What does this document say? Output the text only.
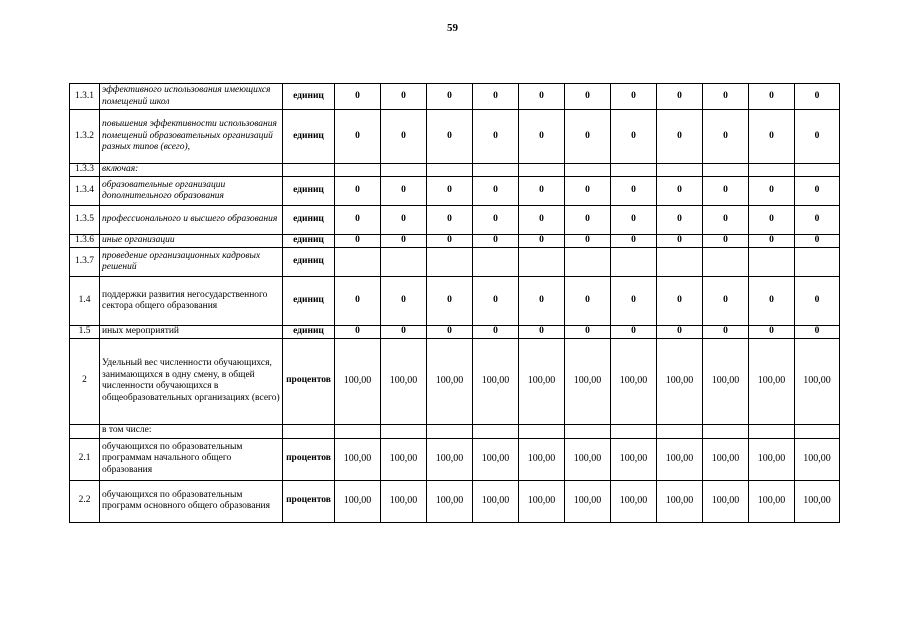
59
1.3.1	эффективного использования имеющихся помещений школ	единиц	0	0	0	0	0	0	0	0	0	0	0
1.3.2	повышения эффективности использования помещений образовательных организаций разных типов (всего),	единиц	0	0	0	0	0	0	0	0	0	0	0
1.3.3	включая:												
1.3.4	образовательные организации дополнительного образования	единиц	0	0	0	0	0	0	0	0	0	0	0
1.3.5	профессионального и высшего образования	единиц	0	0	0	0	0	0	0	0	0	0	0
1.3.6	иные организации	единиц	0	0	0	0	0	0	0	0	0	0	0
1.3.7	проведение организационных кадровых решений	единиц											
1.4	поддержки развития негосударственного сектора общего образования	единиц	0	0	0	0	0	0	0	0	0	0	0
1.5	иных мероприятий	единиц	0	0	0	0	0	0	0	0	0	0	0
2	Удельный вес численности обучающихся, занимающихся в одну смену, в общей численности обучающихся в общеобразовательных организациях (всего)	процентов	100,00	100,00	100,00	100,00	100,00	100,00	100,00	100,00	100,00	100,00	100,00
	в том числе:												
2.1	обучающихся по образовательным программам начального общего образования	процентов	100,00	100,00	100,00	100,00	100,00	100,00	100,00	100,00	100,00	100,00	100,00
2.2	обучающихся по образовательным программ основного общего образования	процентов	100,00	100,00	100,00	100,00	100,00	100,00	100,00	100,00	100,00	100,00	100,00
